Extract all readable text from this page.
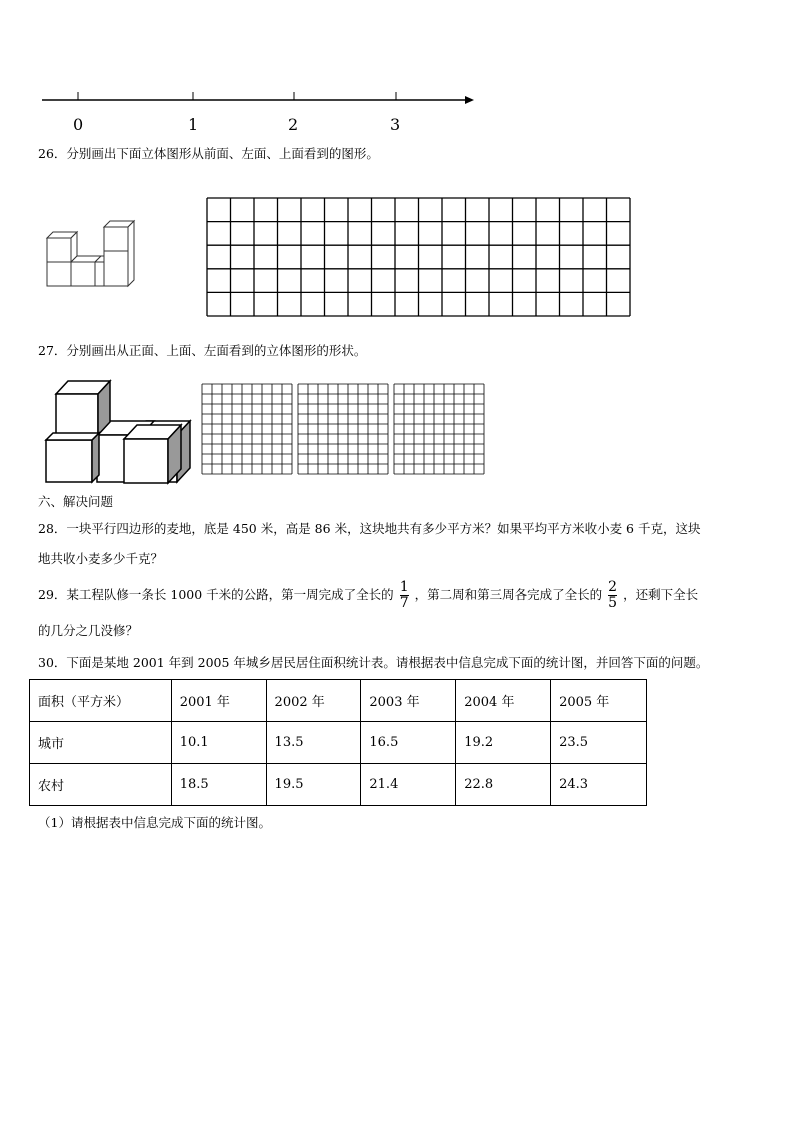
0	1	2	3
26．分别画出下面立体图形从前面、左面、上面看到的图形。
27．分别画出从正面、上面、左面看到的立体图形的形状。
六、解决问题
28．一块平行四边形的麦地，底是 450 米，高是 86 米，这块地共有多少平方米？如果平均平方米收小麦 6 千克，这块
地共收小麦多少千克？
29．某工程队修一条长 1000 千米的公路，第一周完成了全长的 $\frac{1}{7}$ ，第二周和第三周各完成了全长的 $\frac{2}{5}$ ，还剩下全长
的几分之几没修？
30．下面是某地 2001 年到 2005 年城乡居民居住面积统计表。请根据表中信息完成下面的统计图，并回答下面的问题。
面积（平方米）	2001 年	2002 年	2003 年	2004 年	2005 年
城市	10.1	13.5	16.5	19.2	23.5
农村	18.5	19.5	21.4	22.8	24.3
（1）请根据表中信息完成下面的统计图。
